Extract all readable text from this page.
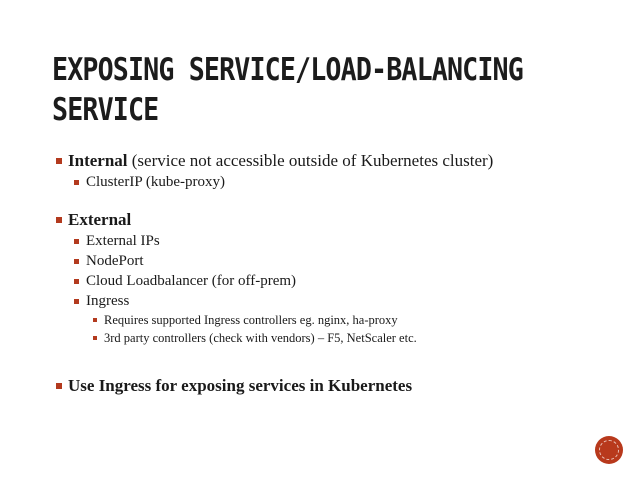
EXPOSING SERVICE/LOAD-BALANCING
SERVICE
Internal (service not accessible outside of Kubernetes cluster)
ClusterIP (kube-proxy)
External
External IPs
NodePort
Cloud Loadbalancer (for off-prem)
Ingress
Requires supported Ingress controllers eg. nginx, ha-proxy
3rd party controllers (check with vendors) – F5, NetScaler etc.
Use Ingress for exposing services in Kubernetes
